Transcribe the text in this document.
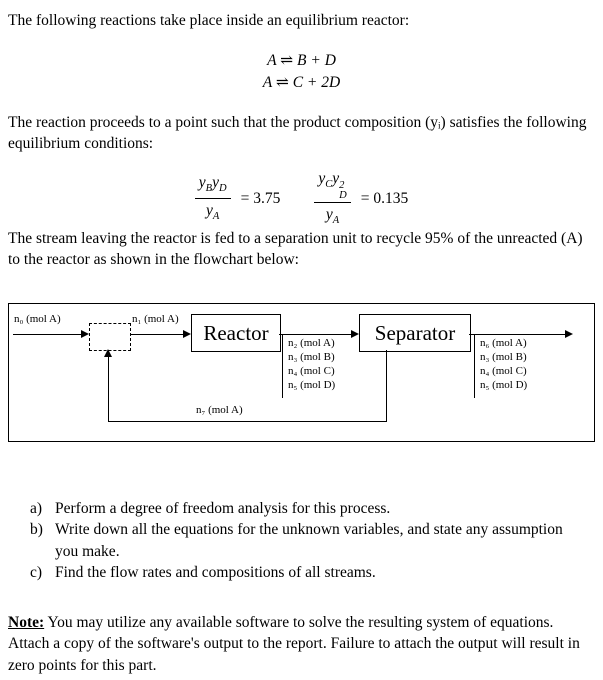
The following reactions take place inside an equilibrium reactor:
A ⇌ B + D
A ⇌ C + 2D
The reaction proceeds to a point such that the product composition (yᵢ) satisfies the following equilibrium conditions:
$\frac{y_By_D}{y_A} = 3.75$ $y_Cy$ 2
D
$y_A = 0.135$
The stream leaving the reactor is fed to a separation unit to recycle 95% of the unreacted (A) to the reactor as shown in the flowchart below:
n₀ (mol A)	n₁ (mol A)
Reactor n₂ (mol A)
n₃ (mol B)
n₄ (mol C)
n₅ (mol D)
Separator n₆ (mol A)
n₃ (mol B)
n₄ (mol C)
n₅ (mol D)
n₇ (mol A)
a) Perform a degree of freedom analysis for this process.
b) Write down all the equations for the unknown variables, and state any assumption you make.
c) Find the flow rates and compositions of all streams.
Note: You may utilize any available software to solve the resulting system of equations. Attach a copy of the software's output to the report. Failure to attach the output will result in zero points for this part.
